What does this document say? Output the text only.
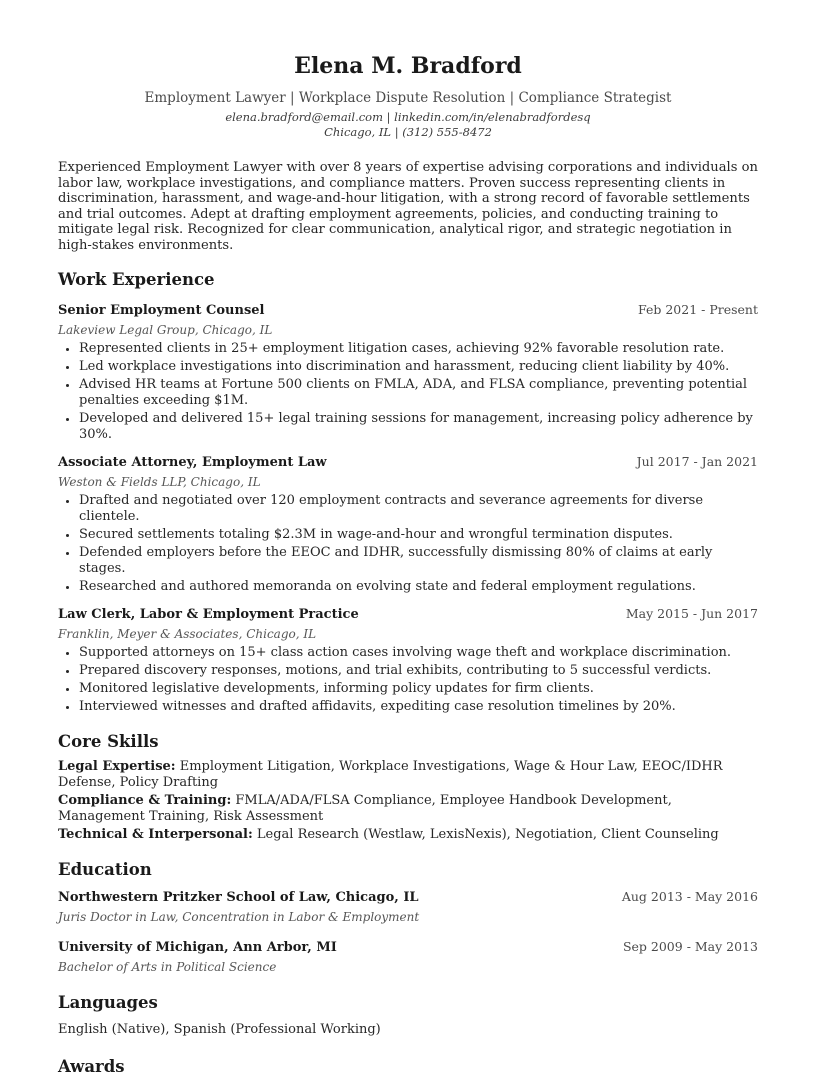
Elena M. Bradford
Employment Lawyer | Workplace Dispute Resolution | Compliance Strategist
elena.bradford@email.com | linkedin.com/in/elenabradfordesq
Chicago, IL | (312) 555-8472
Experienced Employment Lawyer with over 8 years of expertise advising corporations and individuals on labor law, workplace investigations, and compliance matters. Proven success representing clients in discrimination, harassment, and wage-and-hour litigation, with a strong record of favorable settlements and trial outcomes. Adept at drafting employment agreements, policies, and conducting training to mitigate legal risk. Recognized for clear communication, analytical rigor, and strategic negotiation in high-stakes environments.
Work Experience
Senior Employment Counsel	Feb 2021 - Present
Lakeview Legal Group, Chicago, IL
• Represented clients in 25+ employment litigation cases, achieving 92% favorable resolution rate.
• Led workplace investigations into discrimination and harassment, reducing client liability by 40%.
• Advised HR teams at Fortune 500 clients on FMLA, ADA, and FLSA compliance, preventing potential penalties exceeding $1M.
• Developed and delivered 15+ legal training sessions for management, increasing policy adherence by 30%.
Associate Attorney, Employment Law	Jul 2017 - Jan 2021
Weston & Fields LLP, Chicago, IL
• Drafted and negotiated over 120 employment contracts and severance agreements for diverse clientele.
• Secured settlements totaling $2.3M in wage-and-hour and wrongful termination disputes.
• Defended employers before the EEOC and IDHR, successfully dismissing 80% of claims at early stages.
• Researched and authored memoranda on evolving state and federal employment regulations.
Law Clerk, Labor & Employment Practice	May 2015 - Jun 2017
Franklin, Meyer & Associates, Chicago, IL
• Supported attorneys on 15+ class action cases involving wage theft and workplace discrimination.
• Prepared discovery responses, motions, and trial exhibits, contributing to 5 successful verdicts.
• Monitored legislative developments, informing policy updates for firm clients.
• Interviewed witnesses and drafted affidavits, expediting case resolution timelines by 20%.
Core Skills
Legal Expertise: Employment Litigation, Workplace Investigations, Wage & Hour Law, EEOC/IDHR Defense, Policy Drafting
Compliance & Training: FMLA/ADA/FLSA Compliance, Employee Handbook Development, Management Training, Risk Assessment
Technical & Interpersonal: Legal Research (Westlaw, LexisNexis), Negotiation, Client Counseling
Education
Northwestern Pritzker School of Law, Chicago, IL	Aug 2013 - May 2016
Juris Doctor in Law, Concentration in Labor & Employment
University of Michigan, Ann Arbor, MI	Sep 2009 - May 2013
Bachelor of Arts in Political Science
Languages
English (Native), Spanish (Professional Working)
Awards
